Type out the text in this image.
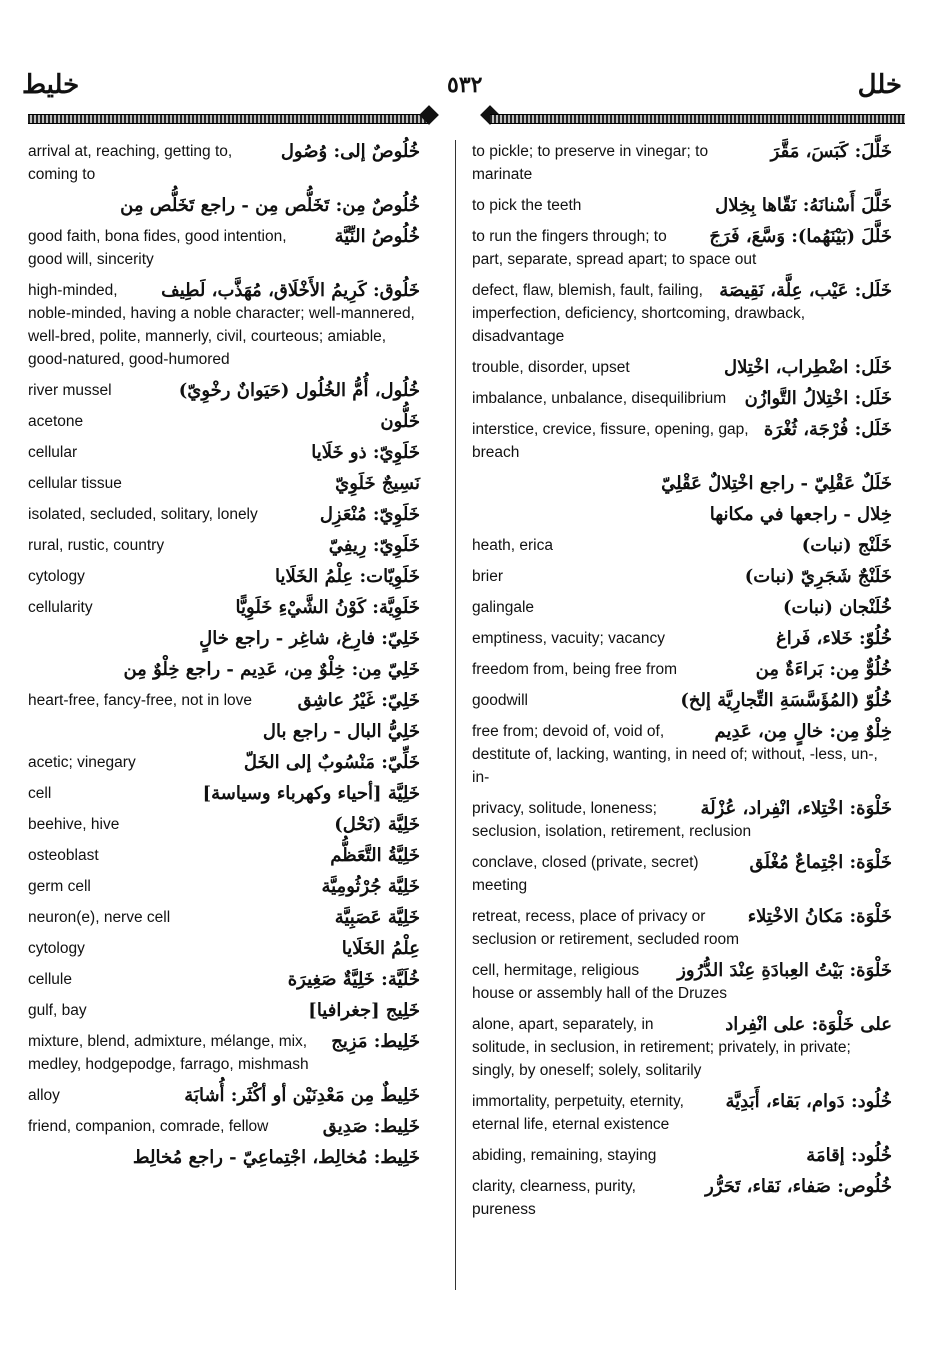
خليط	٥٣٢	خلل
خُلُوصٌ إلى: وُصُول
arrival at, reaching, getting to, coming to
خُلُوصٌ مِن: تَخَلُّص مِن - راجع تَخَلُّص مِن
خُلُوصُ النِّيَّة
good faith, bona fides, good intention, good will, sincerity
خَلُوق: كَرِيمُ الأَخْلَاق، مُهَذَّب، لَطِيف
high-minded, noble-minded, having a noble character; well-mannered, well-bred, polite, mannerly, civil, courteous; amiable, good-natured, good-humored
خُلُول، أُمُّ الخُلُول (حَيَوانٌ رخْوِيّ)
river mussel
خَلُّون
acetone
خَلَوِيّ: ذو خَلَايا
cellular
نَسِيجٌ خَلَوِيّ
cellular tissue
خَلَوِيّ: مُنْعَزِل
isolated, secluded, solitary, lonely
خَلَوِيّ: رِيفِيّ
rural, rustic, country
خَلَوِيّات: عِلْمُ الخَلَايا
cytology
خَلَوِيَّة: كَوْنُ الشَّيْءِ خَلَوِيًّا
cellularity
خَلِيّ: فارِغ، شاغِر - راجع خالٍ
خَلِيّ مِن: خِلْوٌ مِن، عَدِيم - راجع خِلْوٌ مِن
خَلِيّ: غَيْرُ عاشِق
heart-free, fancy-free, not in love
خَلِيُّ البال - راجع بال
خَلِّيّ: مَنْسُوبٌ إلى الخَلّ
acetic; vinegary
خَلِيَّة [أحياء وكهرباء وسياسة]
cell
خَلِيَّة (نَحْل)
beehive, hive
خَلِيَّةُ التَّعَظُّم
osteoblast
خَلِيَّة جُرْثُومِيَّة
germ cell
خَلِيَّة عَصَبِيَّة
neuron(e), nerve cell
عِلْمُ الخَلَايا
cytology
خُلَيَّة: خَلِيَّةٌ صَغِيرَة
cellule
خَلِيج [جغرافيا]
gulf, bay
خَلِيط: مَزِيج
mixture, blend, admixture, mélange, mix, medley, hodgepodge, farrago, mishmash
خَلِيطٌ مِن مَعْدِنَيْن أو أكْثَر: أُشابَة
alloy
خَلِيط: صَدِيق
friend, companion, comrade, fellow
خَلِيط: مُخالِط، اجْتِماعِيّ - راجع مُخالِط
خَلَّلَ: كَبَسَ، مَقَّرَ
to pickle; to preserve in vinegar; to marinate
خَلَّلَ أَسْنانَهُ: نَقّاها بِخِلال
to pick the teeth
خَلَّلَ (بَيْنَهُما): وَسَّعَ، فَرَجَ
to run the fingers through; to part, separate, spread apart; to space out
خَلَل: عَيْب، عِلَّة، نَقِيصَة
defect, flaw, blemish, fault, failing, imperfection, deficiency, shortcoming, drawback, disadvantage
خَلَل: اضْطِراب، اخْتِلال
trouble, disorder, upset
خَلَل: اخْتِلالُ التَّوازُن
imbalance, unbalance, disequilibrium
خَلَل: فُرْجَة، ثُغْرَة
interstice, crevice, fissure, opening, gap, breach
خَلَلٌ عَقْلِيّ - راجع اخْتِلالٌ عَقْلِيّ
خِلال - راجعها في مكانها
خَلَنْج (نبات)
heath, erica
خَلَنْجٌ شَجَرِيّ (نبات)
brier
خُلَنْجان (نبات)
galingale
خُلُوّ: خَلاء، فَراغ
emptiness, vacuity; vacancy
خُلُوٌّ مِن: بَراءَةٌ مِن
freedom from, being free from
خُلُوّ (المُؤَسَّسَةِ التِّجارِيَّة إلخ)
goodwill
خِلْوٌ مِن: خالٍ مِن، عَدِيم
free from; devoid of, void of, destitute of, lacking, wanting, in need of; without, -less, un-, in-
خَلْوَة: اخْتِلاء، انْفِراد، عُزْلَة
privacy, solitude, loneness; seclusion, isolation, retirement, reclusion
خَلْوَة: اجْتِماعٌ مُغْلَق
conclave, closed (private, secret) meeting
خَلْوَة: مَكانُ الاخْتِلاء
retreat, recess, place of privacy or seclusion or retirement, secluded room
خَلْوَة: بَيْتُ العِبادَةِ عِنْدَ الدُّرُوز
cell, hermitage, religious house or assembly hall of the Druzes
على خَلْوَة: على انْفِراد
alone, apart, separately, in solitude, in seclusion, in retirement; privately, in private; singly, by oneself; solely, solitarily
خُلُود: دَوام، بَقاء، أَبَدِيَّة
immortality, perpetuity, eternity, eternal life, eternal existence
خُلُود: إقامَة
abiding, remaining, staying
خُلُوص: صَفاء، نَقاء، تَحَرُّر
clarity, clearness, purity, pureness
